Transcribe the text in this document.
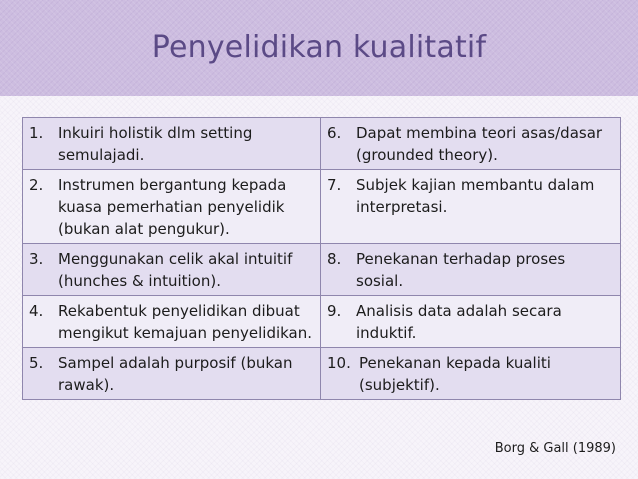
Penyelidikan kualitatif
1. Inkuiri holistik dlm setting semulajadi.	6. Dapat membina teori asas/dasar (grounded theory).

2. Instrumen bergantung kepada kuasa pemerhatian penyelidik (bukan alat pengukur).	7. Subjek kajian membantu dalam interpretasi.

3. Menggunakan celik akal intuitif (hunches & intuition).	8. Penekanan terhadap proses sosial.

4. Rekabentuk penyelidikan dibuat mengikut kemajuan penyelidikan.	9. Analisis data adalah secara induktif.

5. Sampel adalah purposif (bukan rawak).	10. Penekanan kepada kualiti (subjektif).
Borg & Gall (1989)
